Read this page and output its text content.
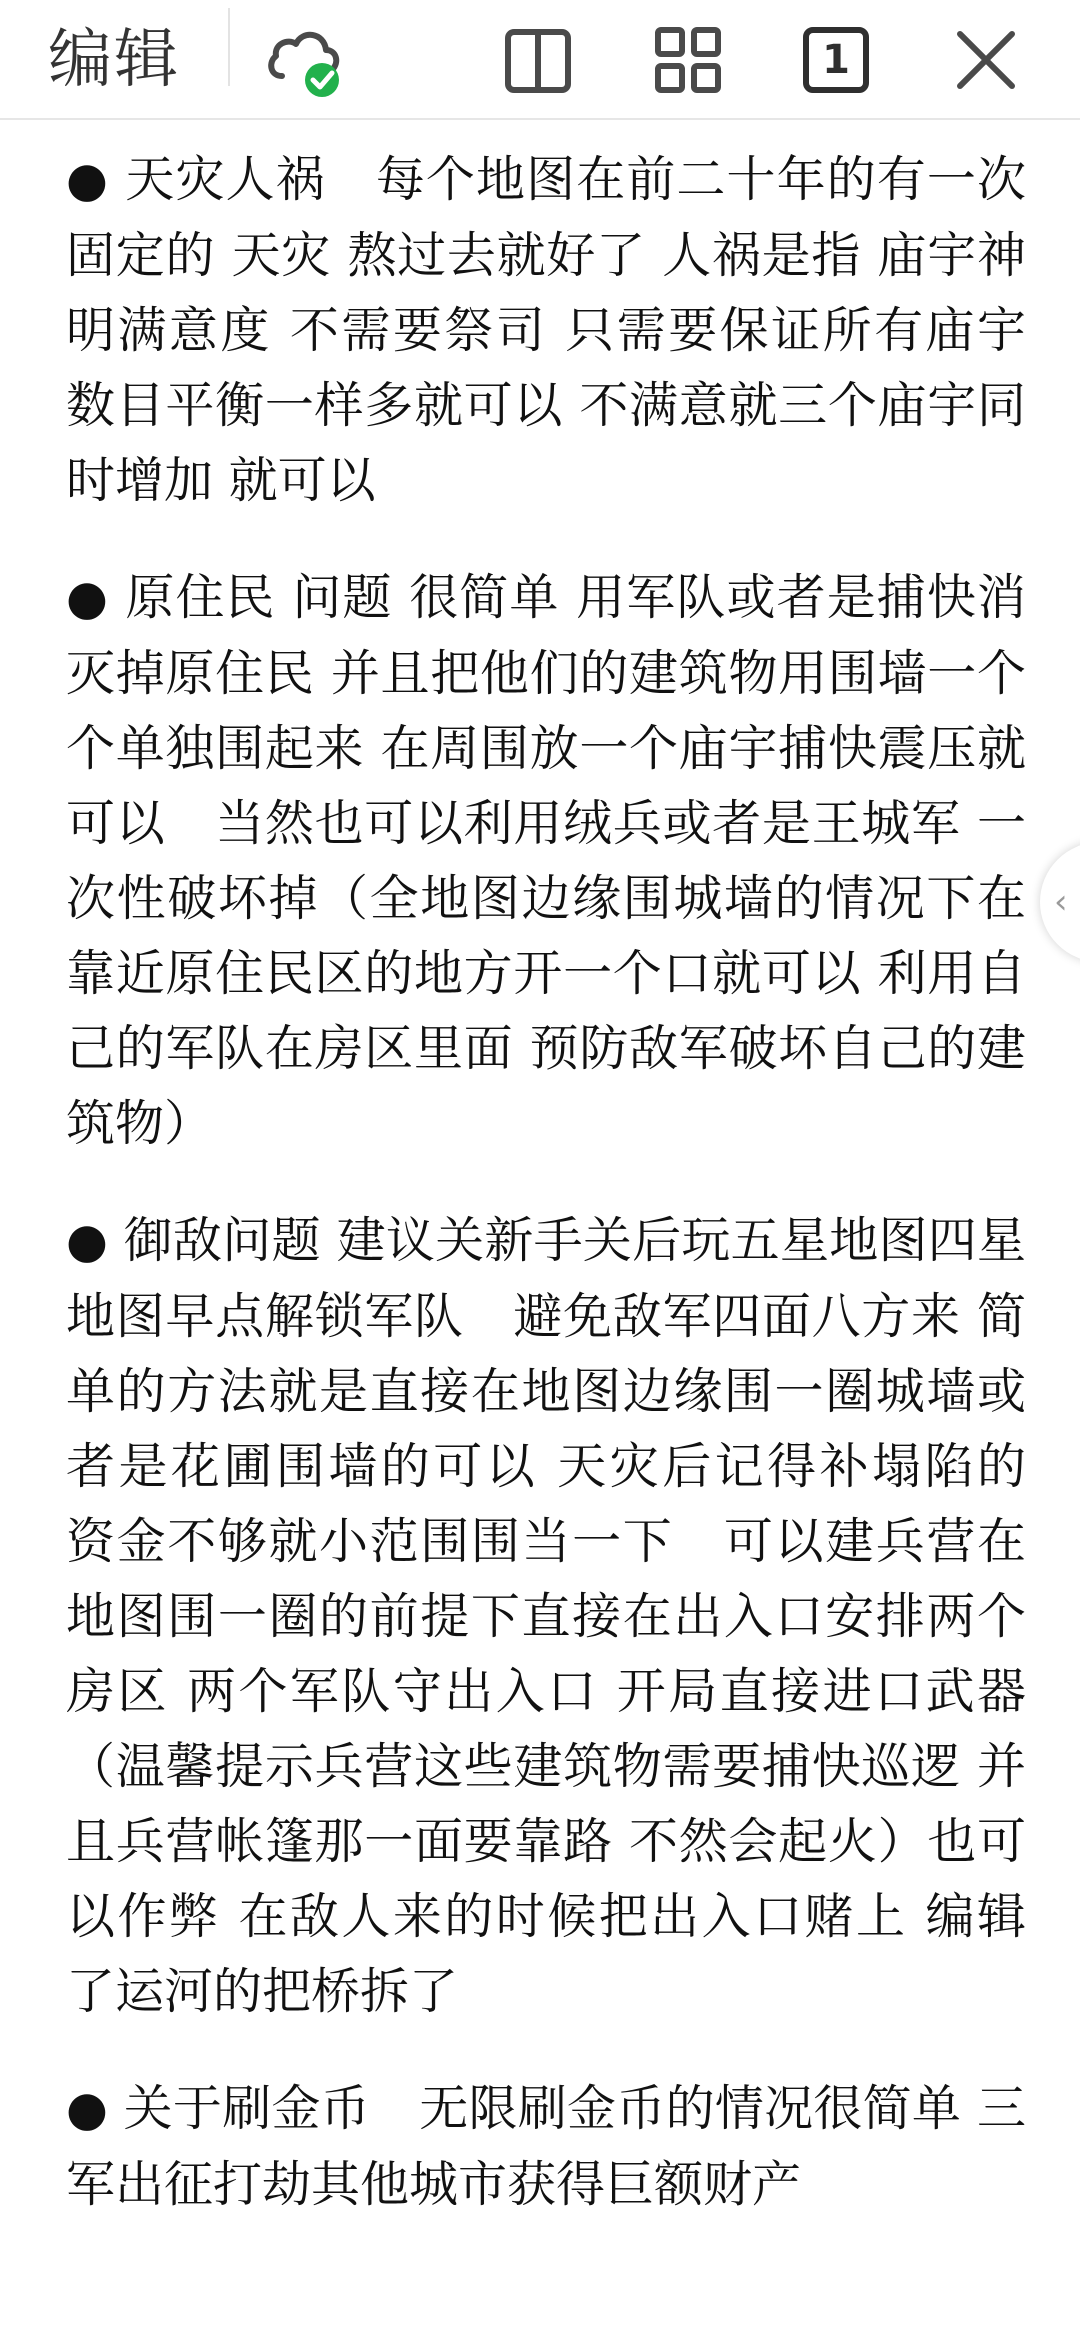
编辑	1

● 天灾人祸　每个地图在前二十年的有一次固定的 天灾 熬过去就好了 人祸是指 庙宇神明满意度 不需要祭司 只需要保证所有庙宇数目平衡一样多就可以 不满意就三个庙宇同时增加 就可以

● 原住民 问题 很简单 用军队或者是捕快消灭掉原住民 并且把他们的建筑物用围墙一个个单独围起来 在周围放一个庙宇捕快震压就可以　当然也可以利用绒兵或者是王城军 一次性破坏掉（全地图边缘围城墙的情况下在靠近原住民区的地方开一个口就可以 利用自己的军队在房区里面 预防敌军破坏自己的建筑物）

● 御敌问题 建议关新手关后玩五星地图四星地图早点解锁军队　避免敌军四面八方来 简单的方法就是直接在地图边缘围一圈城墙或者是花圃围墙的可以 天灾后记得补塌陷的 资金不够就小范围围当一下　可以建兵营在地图围一圈的前提下直接在出入口安排两个房区 两个军队守出入口 开局直接进口武器（温馨提示兵营这些建筑物需要捕快巡逻 并且兵营帐篷那一面要靠路 不然会起火）也可以作弊 在敌人来的时候把出入口赌上 编辑了运河的把桥拆了

● 关于刷金币　无限刷金币的情况很简单 三军出征打劫其他城市获得巨额财产

‹
